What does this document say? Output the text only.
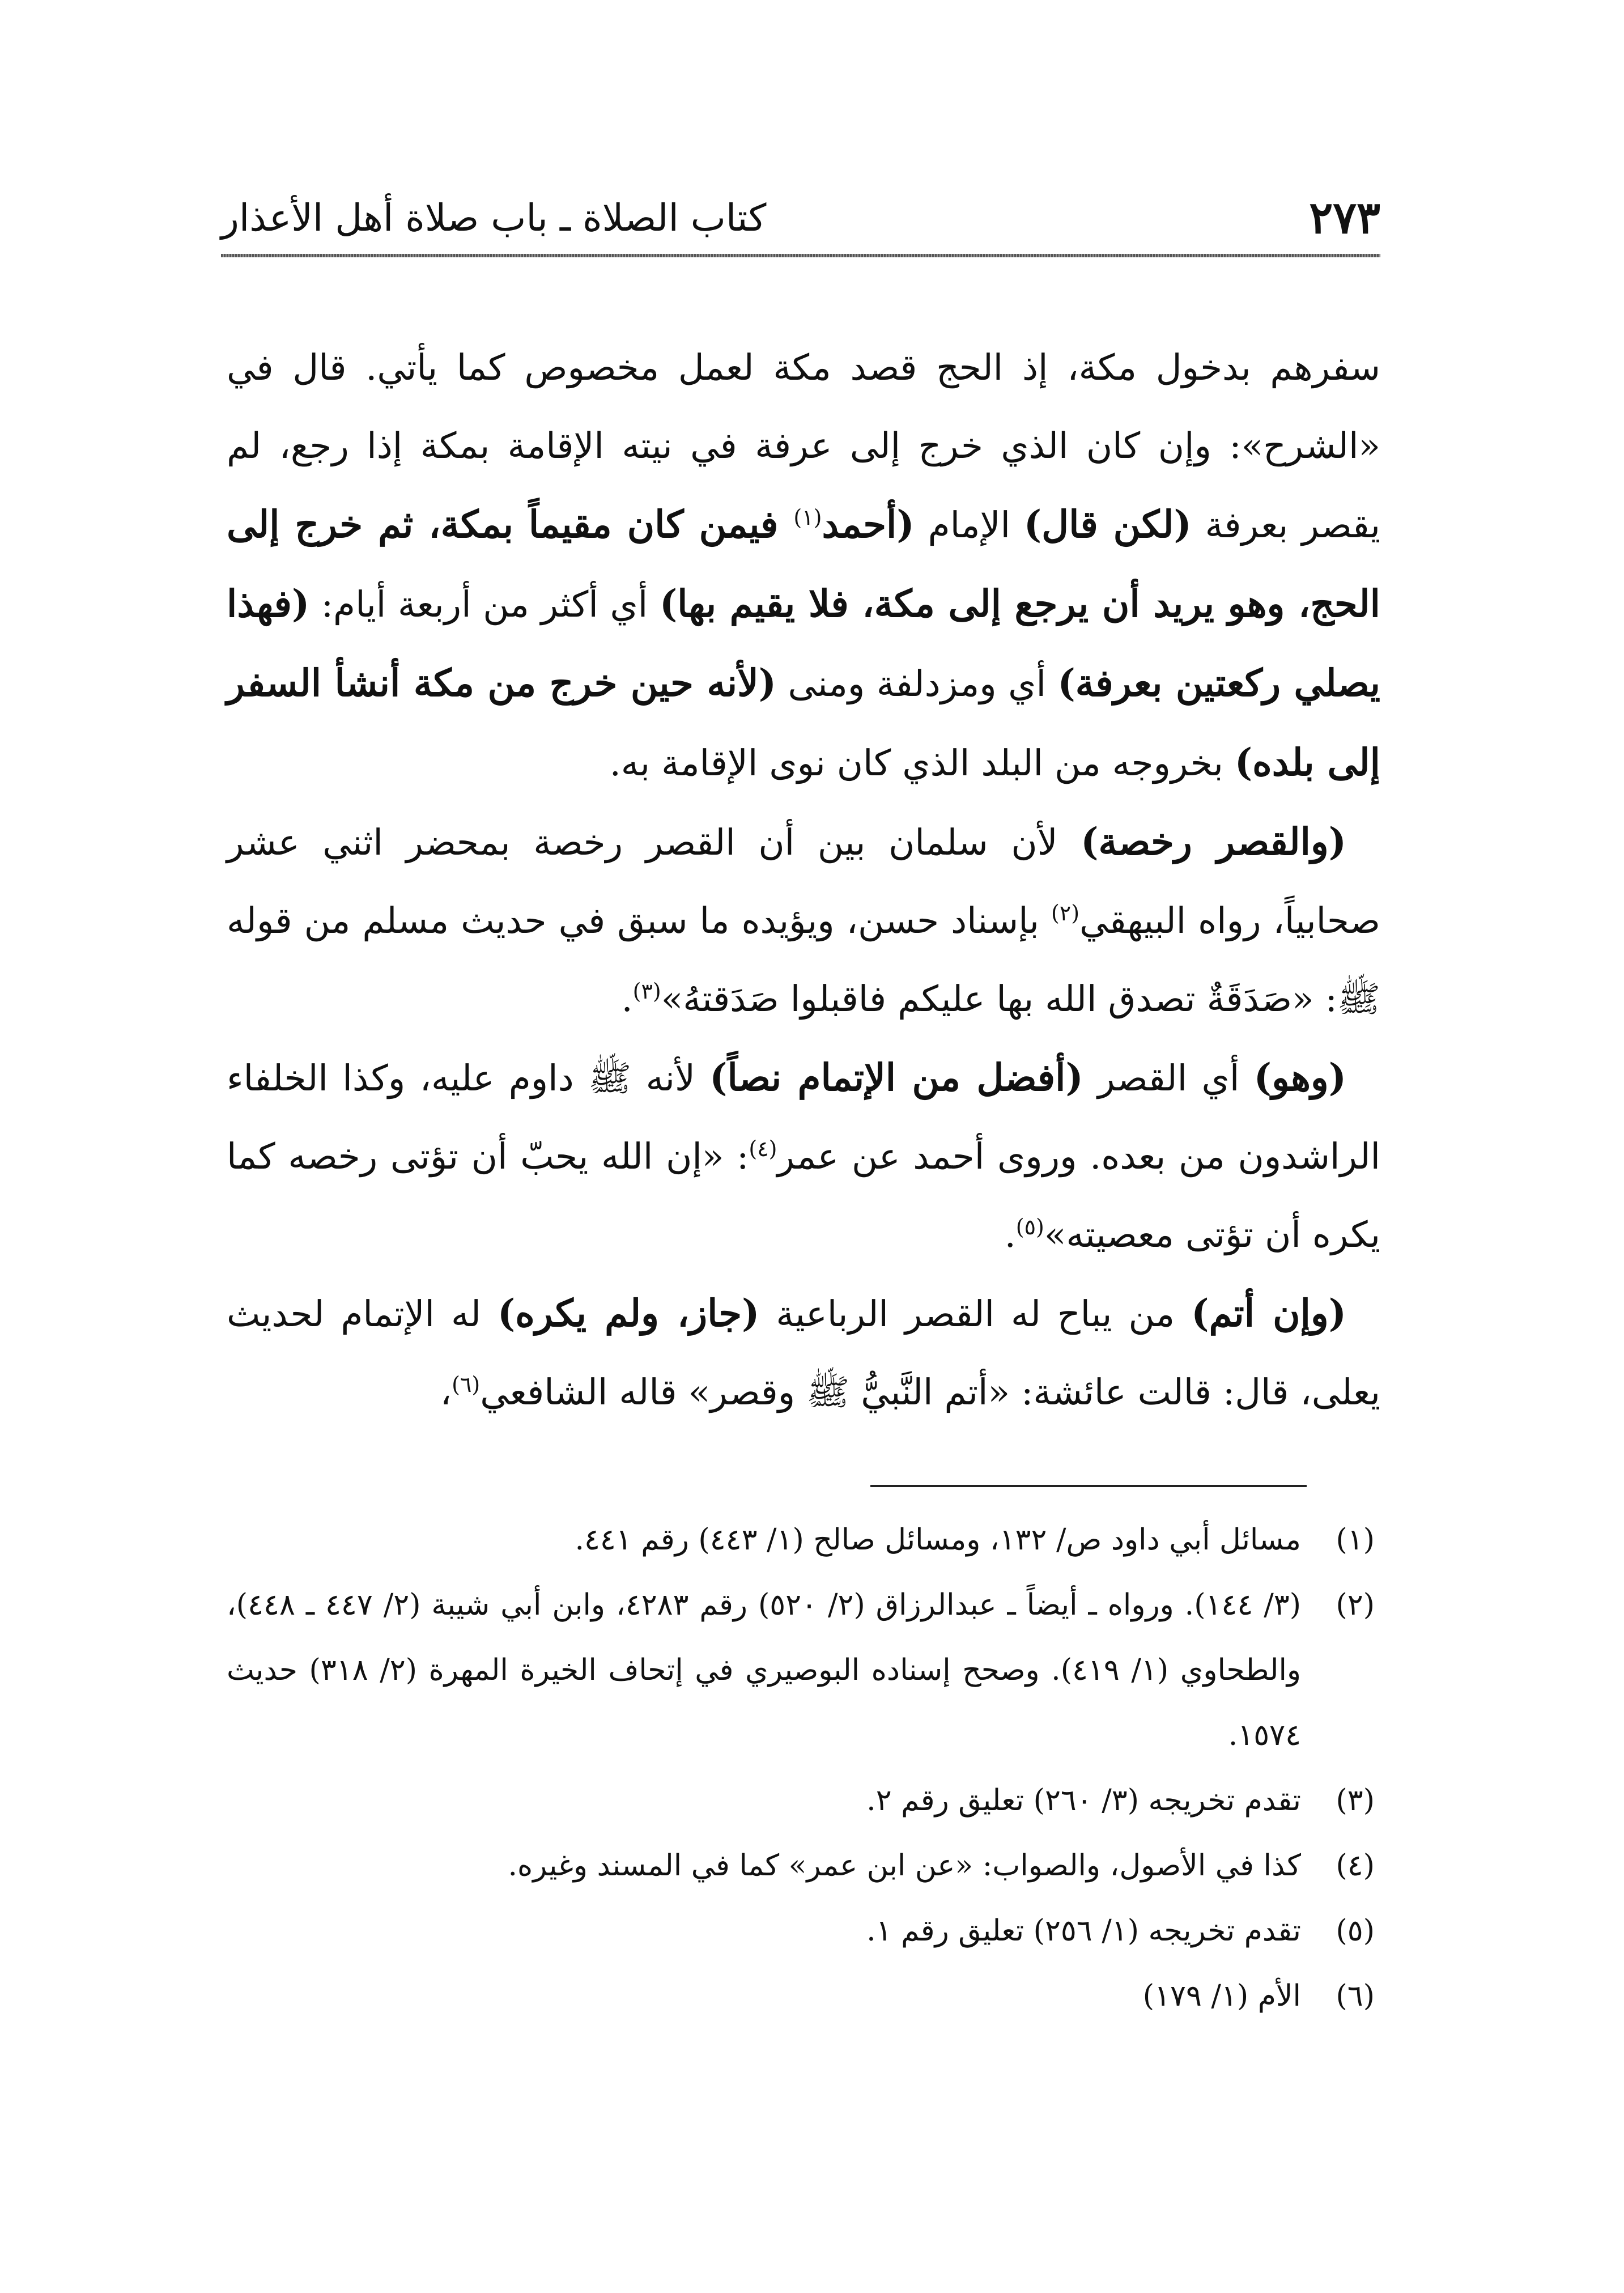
٢٧٣
كتاب الصلاة ـ باب صلاة أهل الأعذار

سفرهم بدخول مكة، إذ الحج قصد مكة لعمل مخصوص كما يأتي. قال في «الشرح»: وإن كان الذي خرج إلى عرفة في نيته الإقامة بمكة إذا رجع، لم يقصر بعرفة (لكن قال) الإمام (أحمد$^{(١)}$ فيمن كان مقيماً بمكة، ثم خرج إلى الحج، وهو يريد أن يرجع إلى مكة، فلا يقيم بها) أي أكثر من أربعة أيام: (فهذا يصلي ركعتين بعرفة) أي ومزدلفة ومنى (لأنه حين خرج من مكة أنشأ السفر إلى بلده) بخروجه من البلد الذي كان نوى الإقامة به.

(والقصر رخصة) لأن سلمان بين أن القصر رخصة بمحضر اثني عشر صحابياً، رواه البيهقي$^{(٢)}$ بإسناد حسن، ويؤيده ما سبق في حديث مسلم من قوله ﷺ: «صَدَقَةٌ تصدق الله بها عليكم فاقبلوا صَدَقتهُ»$^{(٣)}$.

(وهو) أي القصر (أفضل من الإتمام نصاً) لأنه ﷺ داوم عليه، وكذا الخلفاء الراشدون من بعده. وروى أحمد عن عمر$^{(٤)}$: «إن الله يحبّ أن تؤتى رخصه كما يكره أن تؤتى معصيته»$^{(٥)}$.

(وإن أتم) من يباح له القصر الرباعية (جاز، ولم يكره) له الإتمام لحديث يعلى، قال: قالت عائشة: «أتم النَّبيُّ ﷺ وقصر» قاله الشافعي$^{(٦)}$،

(١)
مسائل أبي داود ص/ ١٣٢، ومسائل صالح (١/ ٤٤٣) رقم ٤٤١.
(٢)
(٣/ ١٤٤). ورواه ـ أيضاً ـ عبدالرزاق (٢/ ٥٢٠) رقم ٤٢٨٣، وابن أبي شيبة (٢/ ٤٤٧ ـ ٤٤٨)، والطحاوي (١/ ٤١٩). وصحح إسناده البوصيري في إتحاف الخيرة المهرة (٢/ ٣١٨) حديث ١٥٧٤.
(٣)
تقدم تخريجه (٣/ ٢٦٠) تعليق رقم ٢.
(٤)
كذا في الأصول، والصواب: «عن ابن عمر» كما في المسند وغيره.
(٥)
تقدم تخريجه (١/ ٢٥٦) تعليق رقم ١.
(٦)
الأم (١/ ١٧٩)
